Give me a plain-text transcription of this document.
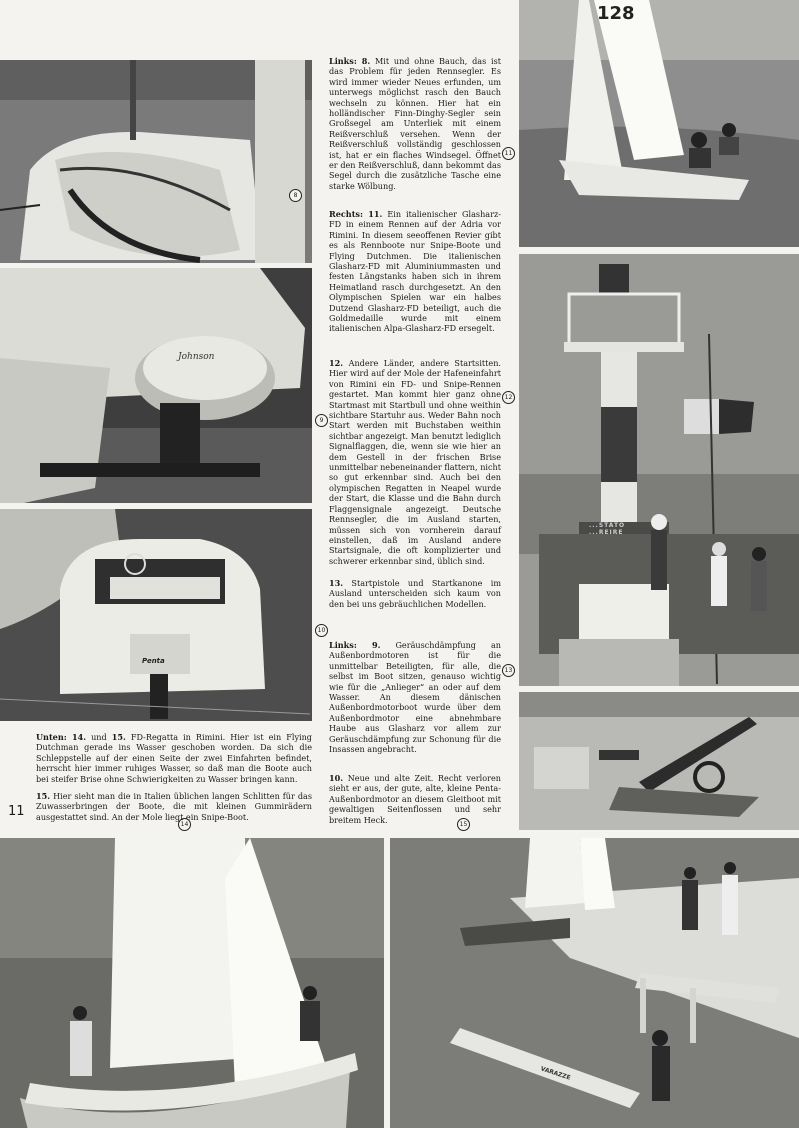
8
Johnson
9
Penta
10
128
11
...STATO ...REIRE
12
13
14
VARAZZE
15

Links: 8. Mit und ohne Bauch, das ist das Problem für jeden Rennsegler. Es wird immer wieder Neues erfunden, um unterwegs möglichst rasch den Bauch wechseln zu können. Hier hat ein holländischer Finn-Dinghy-Segler sein Großsegel am Unterliek mit einem Reißverschluß versehen. Wenn der Reißverschluß vollständig geschlossen ist, hat er ein flaches Windsegel. Öffnet er den Reißverschluß, dann bekommt das Segel durch die zusätzliche Tasche eine starke Wölbung.

Rechts: 11. Ein italienischer Glasharz-FD in einem Rennen auf der Adria vor Rimini. In diesem seeoffenen Revier gibt es als Rennboote nur Snipe-Boote und Flying Dutchmen. Die italienischen Glasharz-FD mit Aluminiummasten und festen Längstanks haben sich in ihrem Heimatland rasch durchgesetzt. An den Olympischen Spielen war ein halbes Dutzend Glasharz-FD beteiligt, auch die Goldmedaille wurde mit einem italienischen Alpa-Glasharz-FD ersegelt.

12. Andere Länder, andere Startsitten. Hier wird auf der Mole der Hafeneinfahrt von Rimini ein FD- und Snipe-Rennen gestartet. Man kommt hier ganz ohne Startmast mit Startbull und ohne weithin sichtbare Startuhr aus. Weder Bahn noch Start werden mit Buchstaben weithin sichtbar angezeigt. Man benutzt lediglich Signalflaggen, die, wenn sie wie hier an dem Gestell in der frischen Brise unmittelbar nebeneinander flattern, nicht so gut erkennbar sind. Auch bei den olympischen Regatten in Neapel wurde der Start, die Klasse und die Bahn durch Flaggensignale angezeigt. Deutsche Rennsegler, die im Ausland starten, müssen sich von vornherein darauf einstellen, daß im Ausland andere Startsignale, die oft komplizierter und schwerer erkennbar sind, üblich sind.

13. Startpistole und Startkanone im Ausland unterscheiden sich kaum von den bei uns gebräuchlichen Modellen.

Links: 9. Geräuschdämpfung an Außenbordmotoren ist für die unmittelbar Beteiligten, für alle, die selbst im Boot sitzen, genauso wichtig wie für die „Anlieger“ an oder auf dem Wasser. An diesem dänischen Außenbordmotorboot wurde über dem Außenbordmotor eine abnehmbare Haube aus Glasharz vor allem zur Geräuschdämpfung zur Schonung für die Insassen angebracht.

10. Neue und alte Zeit. Recht verloren sieht er aus, der gute, alte, kleine Penta-Außenbordmotor an diesem Gleitboot mit gewaltigen Seitenflossen und sehr breitem Heck.

Unten: 14. und 15. FD-Regatta in Rimini. Hier ist ein Flying Dutchman gerade ins Wasser geschoben worden. Da sich die Schleppstelle auf der einen Seite der zwei Einfahrten befindet, herrscht hier immer ruhiges Wasser, so daß man die Boote auch bei steifer Brise ohne Schwierigkeiten zu Wasser bringen kann.

15. Hier sieht man die in Italien üblichen langen Schlitten für das Zuwasserbringen der Boote, die mit kleinen Gummirädern ausgestattet sind. An der Mole liegt ein Snipe-Boot.

11
